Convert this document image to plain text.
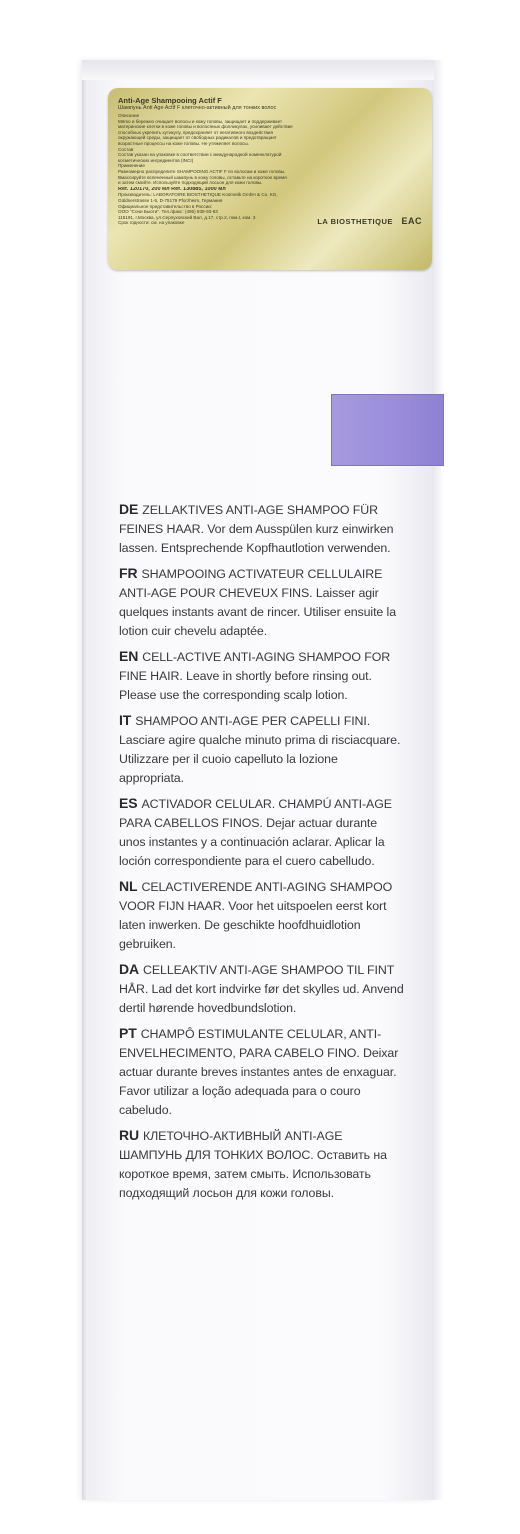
Anti-Age Shampooing Actif F
Шампунь Anti Age Actif F клеточно-активный для тонких волос
Описание
Мягко и бережно очищает волосы и кожу головы, защищает и поддерживает
материнские клетки в коже головы и волосяных фолликулах, усиливает действие
способных укрепить кутикулу, предохраняет от негативного воздействия
окружающей среды, защищает от свободных радикалов и предотвращает
возрастные процессы на коже головы. Не утяжеляет волосы.
Состав
Состав указан на упаковке в соответствии с международной номенклатурой
косметических ингредиентов (INCI)
Применение
Равномерно распределите SHAMPOOING ACTIF F по волосам и коже головы.
Вмассируйте вспененный шампунь в кожу головы, оставьте на короткое время
и затем смойте. Используйте подходящий лосьон для кожи головы.
Ref. 120170, 200 мл Ref. 130885, 1000 мл
Производитель: LABORATOIRE BIOSTHETIQUE Kosmetik GmbH & Co. KG,
Güldnerstrasse 1-5, D-75179 Pforzheim, Германия
Официальное представительство в России:
ООО "Сони Бьюти". Тел./факс: (495) 938-93-63
115191, г.Москва, ул.Серпуховский Вал, д.17, стр.2, пом.I, ком. 3
Срок годности: см. на упаковке	LA BIOSTHETIQUE EAC

DE ZELLAKTIVES ANTI-AGE SHAMPOO FÜR FEINES HAAR. Vor dem Ausspülen kurz einwirken lassen. Entsprechende Kopfhautlotion verwenden.

FR SHAMPOOING ACTIVATEUR CELLULAIRE ANTI-AGE POUR CHEVEUX FINS. Laisser agir quelques instants avant de rincer. Utiliser ensuite la lotion cuir chevelu adaptée.

EN CELL-ACTIVE ANTI-AGING SHAMPOO FOR FINE HAIR. Leave in shortly before rinsing out. Please use the corresponding scalp lotion.

IT SHAMPOO ANTI-AGE PER CAPELLI FINI. Lasciare agire qualche minuto prima di risciacquare. Utilizzare per il cuoio capelluto la lozione appropriata.

ES ACTIVADOR CELULAR. CHAMPÚ ANTI-AGE PARA CABELLOS FINOS. Dejar actuar durante unos instantes y a continuación aclarar. Aplicar la loción correspondiente para el cuero cabelludo.

NL CELACTIVERENDE ANTI-AGING SHAMPOO VOOR FIJN HAAR. Voor het uitspoelen eerst kort laten inwerken. De geschikte hoofdhuidlotion gebruiken.

DA CELLEAKTIV ANTI-AGE SHAMPOO TIL FINT HÅR. Lad det kort indvirke før det skylles ud. Anvend dertil hørende hovedbundslotion.

PT CHAMPÔ ESTIMULANTE CELULAR, ANTI-ENVELHECIMENTO, PARA CABELO FINO. Deixar actuar durante breves instantes antes de enxaguar. Favor utilizar a loção adequada para o couro cabeludo.

RU КЛЕТОЧНО-АКТИВНЫЙ ANTI-AGE ШАМПУНЬ ДЛЯ ТОНКИХ ВОЛОС. Оставить на короткое время, затем смыть. Использовать подходящий лосьон для кожи головы.
